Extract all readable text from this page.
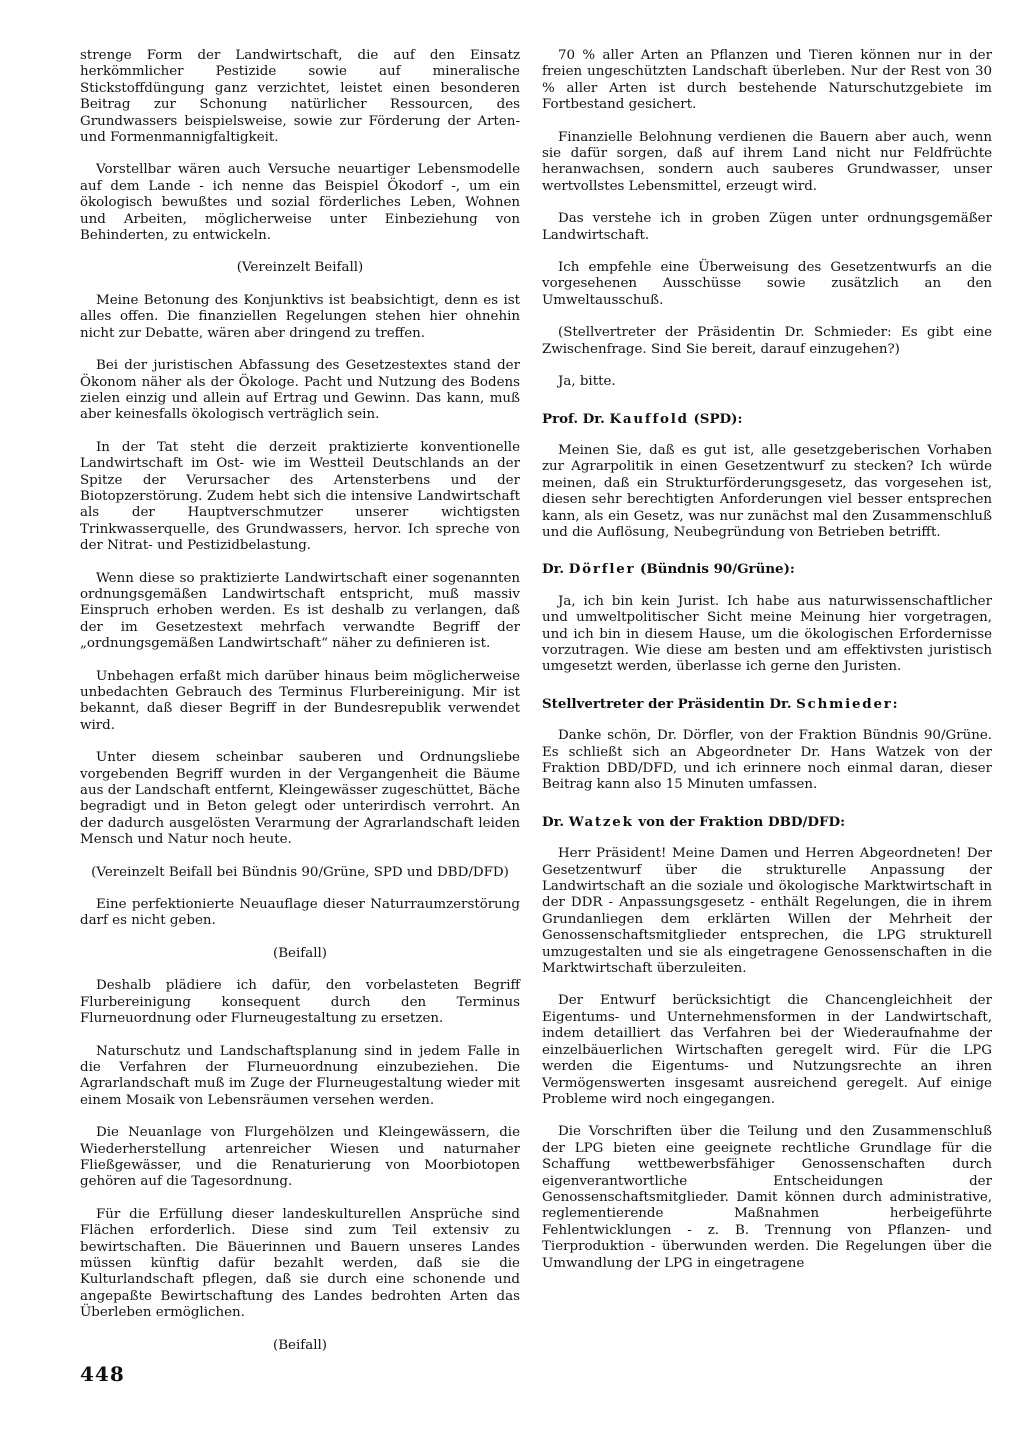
strenge Form der Landwirtschaft, die auf den Einsatz herkömmlicher Pestizide sowie auf mineralische Stickstoffdüngung ganz verzichtet, leistet einen besonderen Beitrag zur Schonung natürlicher Ressourcen, des Grundwassers beispielsweise, sowie zur Förderung der Arten- und Formenmannigfaltigkeit.

Vorstellbar wären auch Versuche neuartiger Lebensmodelle auf dem Lande - ich nenne das Beispiel Ökodorf -, um ein ökologisch bewußtes und sozial förderliches Leben, Wohnen und Arbeiten, möglicherweise unter Einbeziehung von Behinderten, zu entwickeln.

(Vereinzelt Beifall)

Meine Betonung des Konjunktivs ist beabsichtigt, denn es ist alles offen. Die finanziellen Regelungen stehen hier ohnehin nicht zur Debatte, wären aber dringend zu treffen.

Bei der juristischen Abfassung des Gesetzestextes stand der Ökonom näher als der Ökologe. Pacht und Nutzung des Bodens zielen einzig und allein auf Ertrag und Gewinn. Das kann, muß aber keinesfalls ökologisch verträglich sein.

In der Tat steht die derzeit praktizierte konventionelle Landwirtschaft im Ost- wie im Westteil Deutschlands an der Spitze der Verursacher des Artensterbens und der Biotopzerstörung. Zudem hebt sich die intensive Landwirtschaft als der Hauptverschmutzer unserer wichtigsten Trinkwasserquelle, des Grundwassers, hervor. Ich spreche von der Nitrat- und Pestizidbelastung.

Wenn diese so praktizierte Landwirtschaft einer sogenannten ordnungsgemäßen Landwirtschaft entspricht, muß massiv Einspruch erhoben werden. Es ist deshalb zu verlangen, daß der im Gesetzestext mehrfach verwandte Begriff der „ordnungsgemäßen Landwirtschaft“ näher zu definieren ist.

Unbehagen erfaßt mich darüber hinaus beim möglicherweise unbedachten Gebrauch des Terminus Flurbereinigung. Mir ist bekannt, daß dieser Begriff in der Bundesrepublik verwendet wird.

Unter diesem scheinbar sauberen und Ordnungsliebe vorgebenden Begriff wurden in der Vergangenheit die Bäume aus der Landschaft entfernt, Kleingewässer zugeschüttet, Bäche begradigt und in Beton gelegt oder unterirdisch verrohrt. An der dadurch ausgelösten Verarmung der Agrarlandschaft leiden Mensch und Natur noch heute.

(Vereinzelt Beifall bei Bündnis 90/Grüne, SPD und DBD/DFD)

Eine perfektionierte Neuauflage dieser Naturraumzerstörung darf es nicht geben.

(Beifall)

Deshalb plädiere ich dafür, den vorbelasteten Begriff Flurbereinigung konsequent durch den Terminus Flurneuordnung oder Flurneugestaltung zu ersetzen.

Naturschutz und Landschaftsplanung sind in jedem Falle in die Verfahren der Flurneuordnung einzubeziehen. Die Agrarlandschaft muß im Zuge der Flurneugestaltung wieder mit einem Mosaik von Lebensräumen versehen werden.

Die Neuanlage von Flurgehölzen und Kleingewässern, die Wiederherstellung artenreicher Wiesen und naturnaher Fließgewässer, und die Renaturierung von Moorbiotopen gehören auf die Tagesordnung.

Für die Erfüllung dieser landeskulturellen Ansprüche sind Flächen erforderlich. Diese sind zum Teil extensiv zu bewirtschaften. Die Bäuerinnen und Bauern unseres Landes müssen künftig dafür bezahlt werden, daß sie die Kulturlandschaft pflegen, daß sie durch eine schonende und angepaßte Bewirtschaftung des Landes bedrohten Arten das Überleben ermöglichen.

(Beifall)

70 % aller Arten an Pflanzen und Tieren können nur in der freien ungeschützten Landschaft überleben. Nur der Rest von 30 % aller Arten ist durch bestehende Naturschutzgebiete im Fortbestand gesichert.

Finanzielle Belohnung verdienen die Bauern aber auch, wenn sie dafür sorgen, daß auf ihrem Land nicht nur Feldfrüchte heranwachsen, sondern auch sauberes Grundwasser, unser wertvollstes Lebensmittel, erzeugt wird.

Das verstehe ich in groben Zügen unter ordnungsgemäßer Landwirtschaft.

Ich empfehle eine Überweisung des Gesetzentwurfs an die vorgesehenen Ausschüsse sowie zusätzlich an den Umweltausschuß.

(Stellvertreter der Präsidentin Dr. Schmieder: Es gibt eine Zwischenfrage. Sind Sie bereit, darauf einzugehen?)

Ja, bitte.

Prof. Dr. Kauffold (SPD):

Meinen Sie, daß es gut ist, alle gesetzgeberischen Vorhaben zur Agrarpolitik in einen Gesetzentwurf zu stecken? Ich würde meinen, daß ein Strukturförderungsgesetz, das vorgesehen ist, diesen sehr berechtigten Anforderungen viel besser entsprechen kann, als ein Gesetz, was nur zunächst mal den Zusammenschluß und die Auflösung, Neubegründung von Betrieben betrifft.

Dr. Dörfler (Bündnis 90/Grüne):

Ja, ich bin kein Jurist. Ich habe aus naturwissenschaftlicher und umweltpolitischer Sicht meine Meinung hier vorgetragen, und ich bin in diesem Hause, um die ökologischen Erfordernisse vorzutragen. Wie diese am besten und am effektivsten juristisch umgesetzt werden, überlasse ich gerne den Juristen.

Stellvertreter der Präsidentin Dr. Schmieder:

Danke schön, Dr. Dörfler, von der Fraktion Bündnis 90/Grüne. Es schließt sich an Abgeordneter Dr. Hans Watzek von der Fraktion DBD/DFD, und ich erinnere noch einmal daran, dieser Beitrag kann also 15 Minuten umfassen.

Dr. Watzek von der Fraktion DBD/DFD:

Herr Präsident! Meine Damen und Herren Abgeordneten! Der Gesetzentwurf über die strukturelle Anpassung der Landwirtschaft an die soziale und ökologische Marktwirtschaft in der DDR - Anpassungsgesetz - enthält Regelungen, die in ihrem Grundanliegen dem erklärten Willen der Mehrheit der Genossenschaftsmitglieder entsprechen, die LPG strukturell umzugestalten und sie als eingetragene Genossenschaften in die Marktwirtschaft überzuleiten.

Der Entwurf berücksichtigt die Chancengleichheit der Eigentums- und Unternehmensformen in der Landwirtschaft, indem detailliert das Verfahren bei der Wiederaufnahme der einzelbäuerlichen Wirtschaften geregelt wird. Für die LPG werden die Eigentums- und Nutzungsrechte an ihren Vermögenswerten insgesamt ausreichend geregelt. Auf einige Probleme wird noch eingegangen.

Die Vorschriften über die Teilung und den Zusammenschluß der LPG bieten eine geeignete rechtliche Grundlage für die Schaffung wettbewerbsfähiger Genossenschaften durch eigenverantwortliche Entscheidungen der Genossenschaftsmitglieder. Damit können durch administrative, reglementierende Maßnahmen herbeigeführte Fehlentwicklungen - z. B. Trennung von Pflanzen- und Tierproduktion - überwunden werden. Die Regelungen über die Umwandlung der LPG in eingetragene

448
